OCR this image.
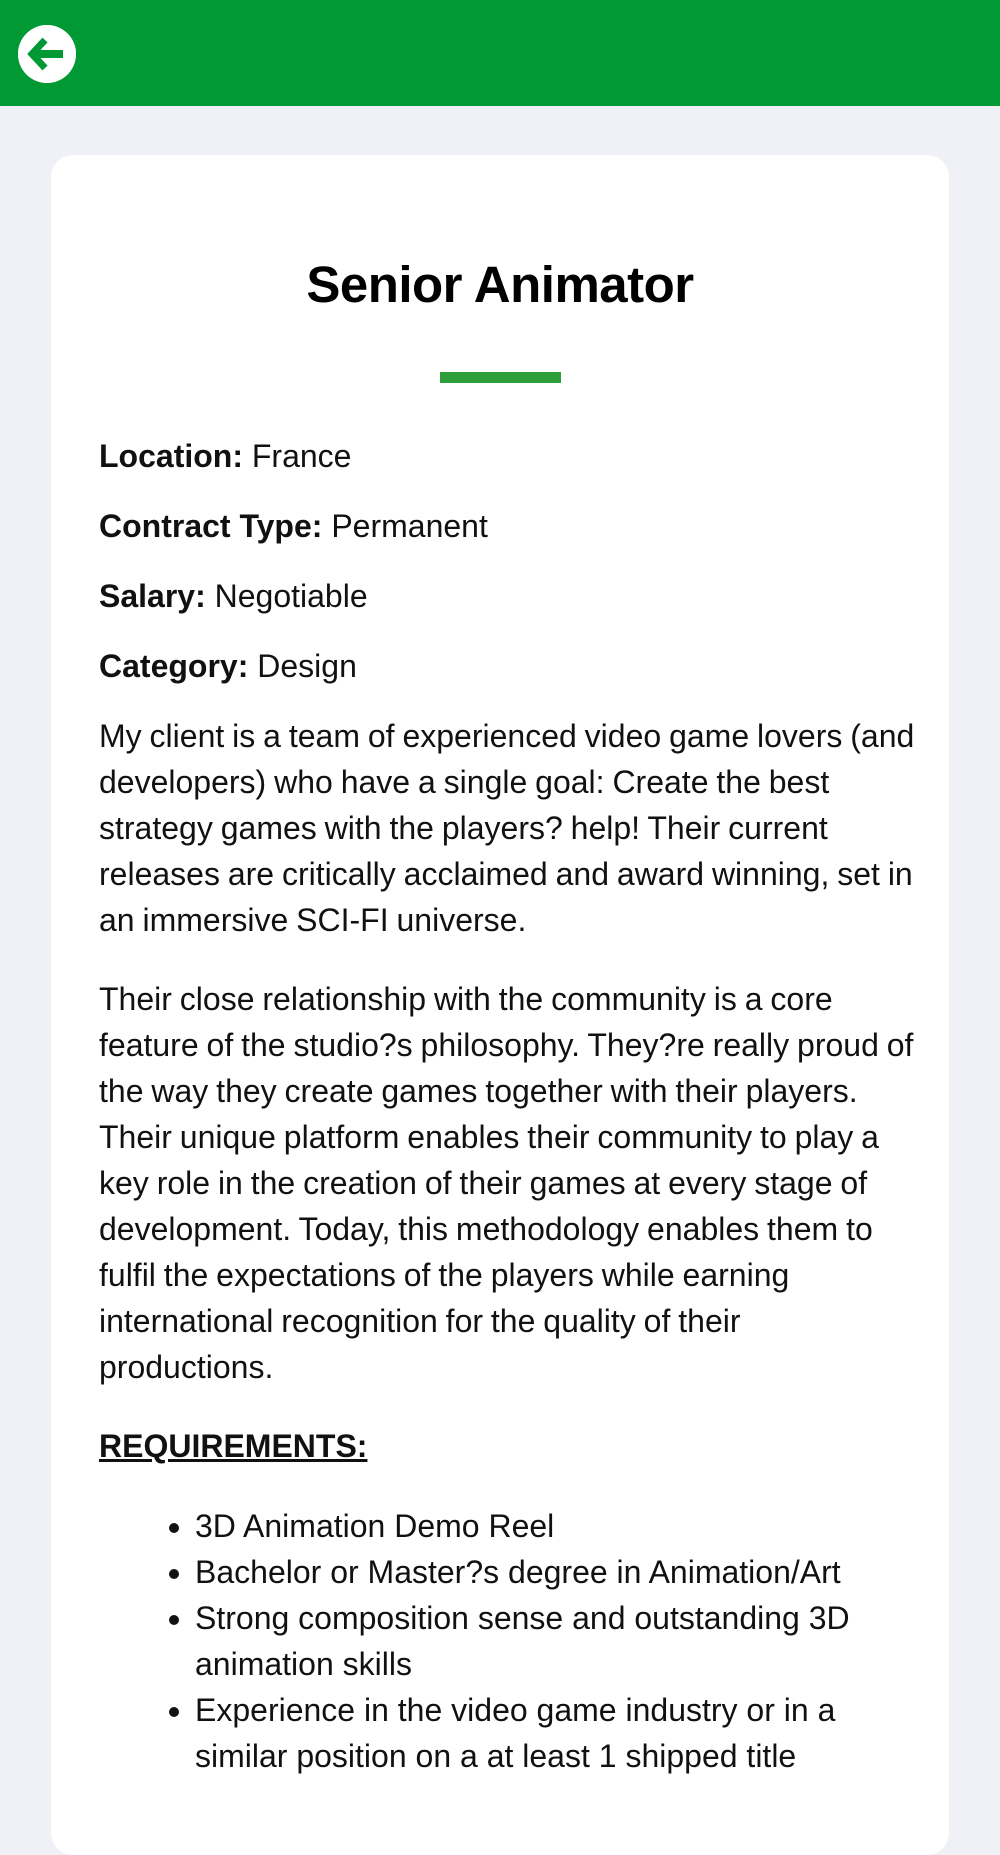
Senior Animator
Location: France
Contract Type: Permanent
Salary: Negotiable
Category: Design

My client is a team of experienced video game lovers (and developers) who have a single goal: Create the best strategy games with the players? help! Their current releases are critically acclaimed and award winning, set in an immersive SCI-FI universe.

Their close relationship with the community is a core feature of the studio?s philosophy. They?re really proud of the way they create games together with their players. Their unique platform enables their community to play a key role in the creation of their games at every stage of development. Today, this methodology enables them to fulfil the expectations of the players while earning international recognition for the quality of their productions.

REQUIREMENTS:
• 3D Animation Demo Reel
• Bachelor or Master?s degree in Animation/Art
• Strong composition sense and outstanding 3D animation skills
• Experience in the video game industry or in a similar position on a at least 1 shipped title
